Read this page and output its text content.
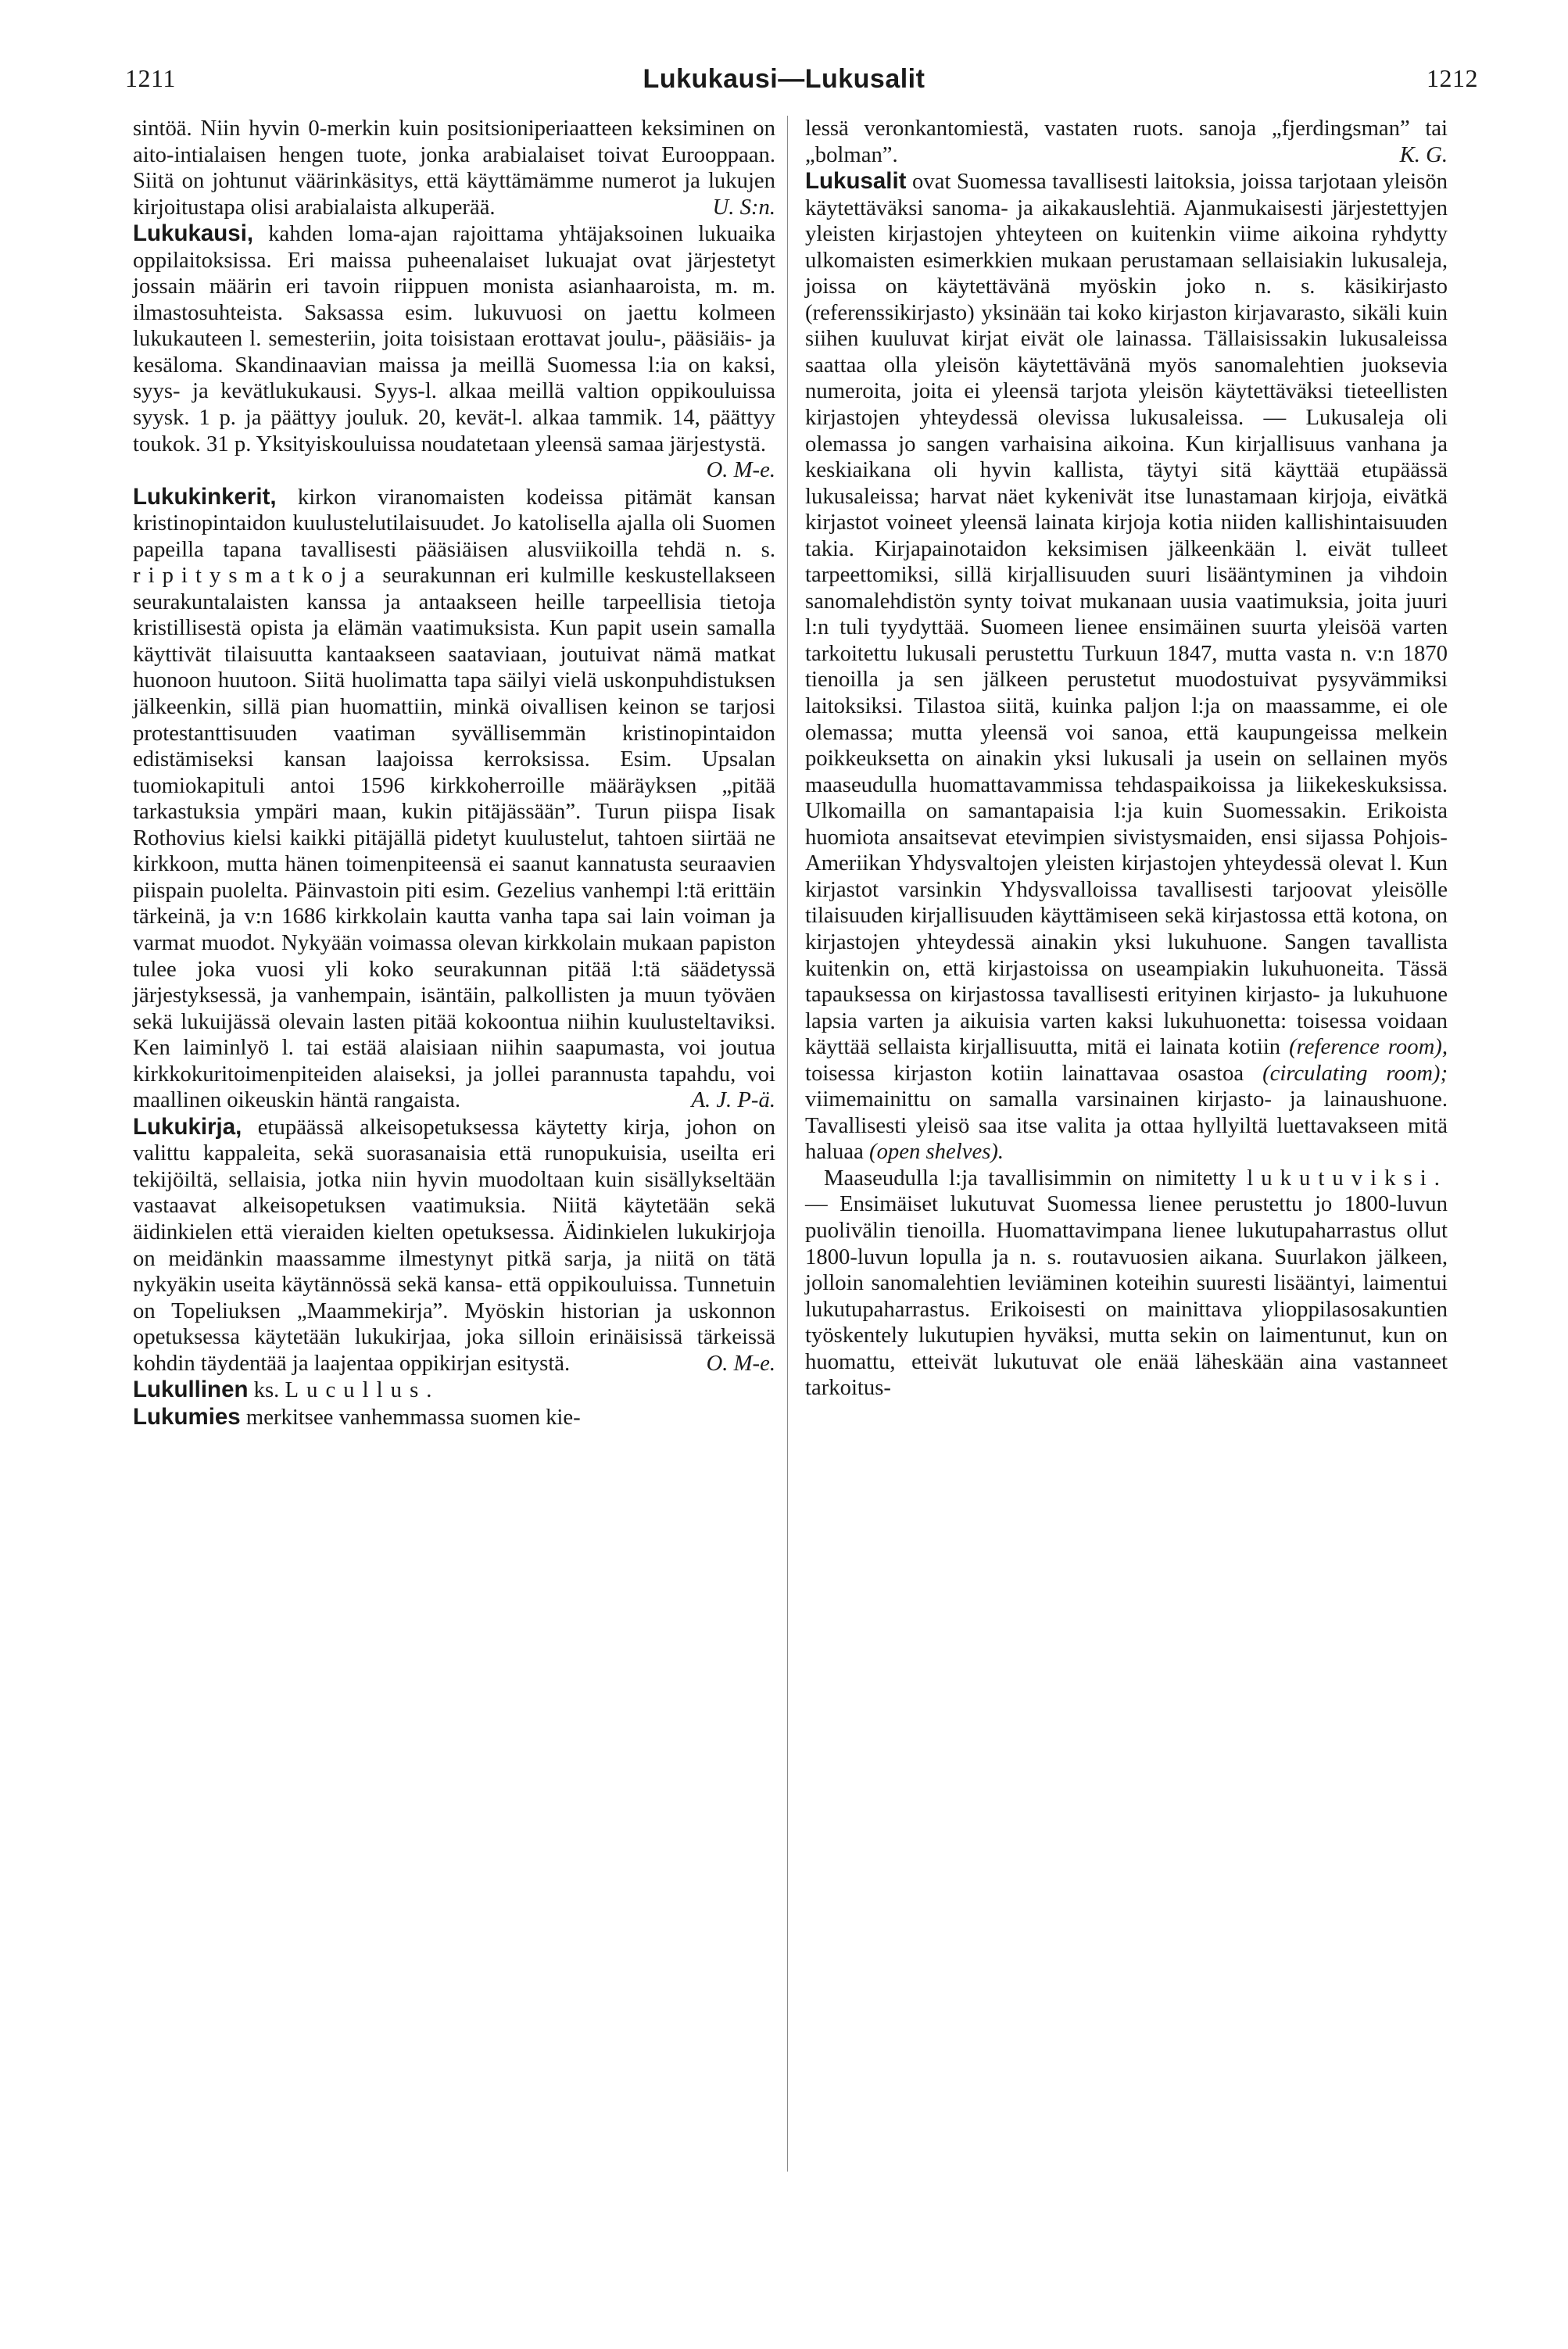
1211	Lukukausi—Lukusalit	1212

sintöä. Niin hyvin 0-merkin kuin positsioniperiaatteen keksiminen on aito-intialaisen hengen tuote, jonka arabialaiset toivat Eurooppaan. Siitä on johtunut väärinkäsitys, että käyttämämme numerot ja lukujen kirjoitustapa olisi arabialaista alkuperää.	U. S:n.

Lukukausi, kahden loma-ajan rajoittama yhtäjaksoinen lukuaika oppilaitoksissa. Eri maissa puheenalaiset lukuajat ovat järjestetyt jossain määrin eri tavoin riippuen monista asianhaaroista, m. m. ilmastosuhteista. Saksassa esim. lukuvuosi on jaettu kolmeen lukukauteen l. semesteriin, joita toisistaan erottavat joulu-, pääsiäis- ja kesäloma. Skandinaavian maissa ja meillä Suomessa l:ia on kaksi, syys- ja kevätlukukausi. Syys-l. alkaa meillä valtion oppikouluissa syysk. 1 p. ja päättyy jouluk. 20, kevät-l. alkaa tammik. 14, päättyy toukok. 31 p. Yksityiskouluissa noudatetaan yleensä samaa järjestystä.
O. M-e.

Lukukinkerit, kirkon viranomaisten kodeissa pitämät kansan kristinopintaidon kuulustelutilaisuudet. Jo katolisella ajalla oli Suomen papeilla tapana tavallisesti pääsiäisen alusviikoilla tehdä n. s. ripitysmatkoja seurakunnan eri kulmille keskustellakseen seurakuntalaisten kanssa ja antaakseen heille tarpeellisia tietoja kristillisestä opista ja elämän vaatimuksista. Kun papit usein samalla käyttivät tilaisuutta kantaakseen saataviaan, joutuivat nämä matkat huonoon huutoon. Siitä huolimatta tapa säilyi vielä uskonpuhdistuksen jälkeenkin, sillä pian huomattiin, minkä oivallisen keinon se tarjosi protestanttisuuden vaatiman syvällisemmän kristinopintaidon edistämiseksi kansan laajoissa kerroksissa. Esim. Upsalan tuomiokapituli antoi 1596 kirkkoherroille määräyksen „pitää tarkastuksia ympäri maan, kukin pitäjässään”. Turun piispa Iisak Rothovius kielsi kaikki pitäjällä pidetyt kuulustelut, tahtoen siirtää ne kirkkoon, mutta hänen toimenpiteensä ei saanut kannatusta seuraavien piispain puolelta. Päinvastoin piti esim. Gezelius vanhempi l:tä erittäin tärkeinä, ja v:n 1686 kirkkolain kautta vanha tapa sai lain voiman ja varmat muodot. Nykyään voimassa olevan kirkkolain mukaan papiston tulee joka vuosi yli koko seurakunnan pitää l:tä säädetyssä järjestyksessä, ja vanhempain, isäntäin, palkollisten ja muun työväen sekä lukuijässä olevain lasten pitää kokoontua niihin kuulusteltaviksi. Ken laiminlyö l. tai estää alaisiaan niihin saapumasta, voi joutua kirkkokuritoimenpiteiden alaiseksi, ja jollei parannusta tapahdu, voi maallinen oikeuskin häntä rangaista.	A. J. P-ä.

Lukukirja, etupäässä alkeisopetuksessa käytetty kirja, johon on valittu kappaleita, sekä suorasanaisia että runopukuisia, useilta eri tekijöiltä, sellaisia, jotka niin hyvin muodoltaan kuin sisällykseltään vastaavat alkeisopetuksen vaatimuksia. Niitä käytetään sekä äidinkielen että vieraiden kielten opetuksessa. Äidinkielen lukukirjoja on meidänkin maassamme ilmestynyt pitkä sarja, ja niitä on tätä nykyäkin useita käytännössä sekä kansa- että oppikouluissa. Tunnetuin on Topeliuksen „Maammekirja”. Myöskin historian ja uskonnon opetuksessa käytetään lukukirjaa, joka silloin erinäisissä tärkeissä kohdin täydentää ja laajentaa oppikirjan esitystä.	O. M-e.

Lukullinen ks. Lucullus.

Lukumies merkitsee vanhemmassa suomen kie-

lessä veronkantomiestä, vastaten ruots. sanoja „fjerdingsman” tai „bolman”.	K. G.

Lukusalit ovat Suomessa tavallisesti laitoksia, joissa tarjotaan yleisön käytettäväksi sanoma- ja aikakauslehtiä. Ajanmukaisesti järjestettyjen yleisten kirjastojen yhteyteen on kuitenkin viime aikoina ryhdytty ulkomaisten esimerkkien mukaan perustamaan sellaisiakin lukusaleja, joissa on käytettävänä myöskin joko n. s. käsikirjasto (referenssikirjasto) yksinään tai koko kirjaston kirjavarasto, sikäli kuin siihen kuuluvat kirjat eivät ole lainassa. Tällaisissakin lukusaleissa saattaa olla yleisön käytettävänä myös sanomalehtien juoksevia numeroita, joita ei yleensä tarjota yleisön käytettäväksi tieteellisten kirjastojen yhteydessä olevissa lukusaleissa. — Lukusaleja oli olemassa jo sangen varhaisina aikoina. Kun kirjallisuus vanhana ja keskiaikana oli hyvin kallista, täytyi sitä käyttää etupäässä lukusaleissa; harvat näet kykenivät itse lunastamaan kirjoja, eivätkä kirjastot voineet yleensä lainata kirjoja kotia niiden kallishintaisuuden takia. Kirjapainotaidon keksimisen jälkeenkään l. eivät tulleet tarpeettomiksi, sillä kirjallisuuden suuri lisääntyminen ja vihdoin sanomalehdistön synty toivat mukanaan uusia vaatimuksia, joita juuri l:n tuli tyydyttää. Suomeen lienee ensimäinen suurta yleisöä varten tarkoitettu lukusali perustettu Turkuun 1847, mutta vasta n. v:n 1870 tienoilla ja sen jälkeen perustetut muodostuivat pysyvämmiksi laitoksiksi. Tilastoa siitä, kuinka paljon l:ja on maassamme, ei ole olemassa; mutta yleensä voi sanoa, että kaupungeissa melkein poikkeuksetta on ainakin yksi lukusali ja usein on sellainen myös maaseudulla huomattavammissa tehdaspaikoissa ja liikekeskuksissa. Ulkomailla on samantapaisia l:ja kuin Suomessakin. Erikoista huomiota ansaitsevat etevimpien sivistysmaiden, ensi sijassa Pohjois-Ameriikan Yhdysvaltojen yleisten kirjastojen yhteydessä olevat l. Kun kirjastot varsinkin Yhdysvalloissa tavallisesti tarjoovat yleisölle tilaisuuden kirjallisuuden käyttämiseen sekä kirjastossa että kotona, on kirjastojen yhteydessä ainakin yksi lukuhuone. Sangen tavallista kuitenkin on, että kirjastoissa on useampiakin lukuhuoneita. Tässä tapauksessa on kirjastossa tavallisesti erityinen kirjasto- ja lukuhuone lapsia varten ja aikuisia varten kaksi lukuhuonetta: toisessa voidaan käyttää sellaista kirjallisuutta, mitä ei lainata kotiin (reference room), toisessa kirjaston kotiin lainattavaa osastoa (circulating room); viimemainittu on samalla varsinainen kirjasto- ja lainaushuone. Tavallisesti yleisö saa itse valita ja ottaa hyllyiltä luettavakseen mitä haluaa (open shelves).

Maaseudulla l:ja tavallisimmin on nimitetty lukutuviksi. — Ensimäiset lukutuvat Suomessa lienee perustettu jo 1800-luvun puolivälin tienoilla. Huomattavimpana lienee lukutupaharrastus ollut 1800-luvun lopulla ja n. s. routavuosien aikana. Suurlakon jälkeen, jolloin sanomalehtien leviäminen koteihin suuresti lisääntyi, laimentui lukutupaharrastus. Erikoisesti on mainittava ylioppilasosakuntien työskentely lukutupien hyväksi, mutta sekin on laimentunut, kun on huomattu, etteivät lukutuvat ole enää läheskään aina vastanneet tarkoitus-
